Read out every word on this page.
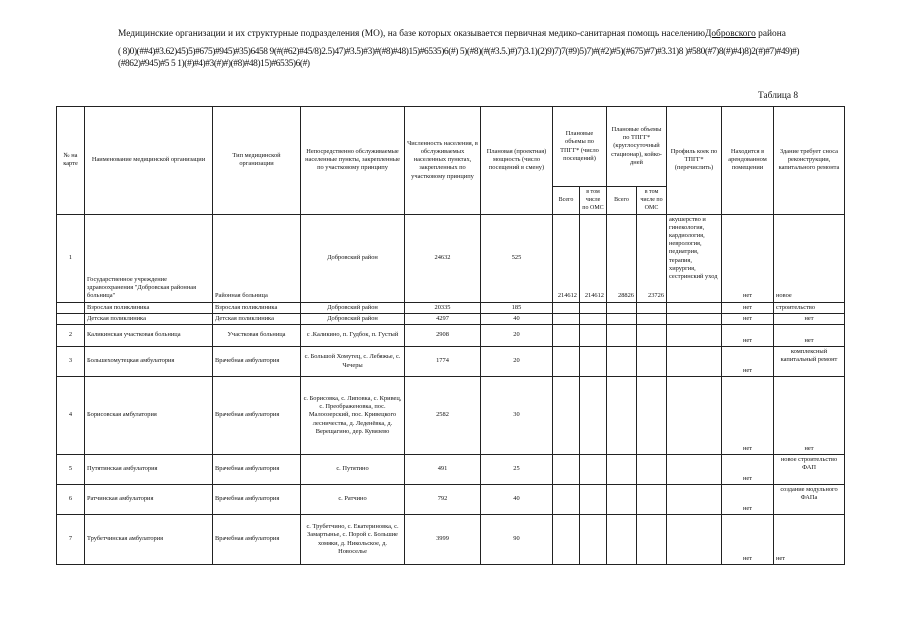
Медицинские организации и их структурные подразделения (МО), на базе которых оказывается первичная медико-санитарная помощь населениюДобровского района
( 8)0)(##4)#3.62)45)5)#675)#945)#35)6458 9(#(#62)#45/8)2.5)47)#3.5)#3)#(#8)#48)15)#6535)6(#) 5)(#8)(#(#3.5.)#)7)3.1)(2)9)7)7(#9)5)7)#(#2)#5)(#675)#7)#3.31)8 )#580(#7)8(#)#4)8)2(#)#7)#49)#)(#862)#945)#5 5 1)(#)#4)#3(#)#)(#8)#48)15)#6535)6(#)
Таблица 8
№ на карте	Наименование медицинской организации	Тип медицинской организации	Непосредственно обслуживаемые населенные пункты, закрепленные по участковому принципу	Численность населения, в обслуживаемых населенных пунктах, закрепленных по участковому принципу	Плановая (проектная) мощность (число посещений в смену)	Плановые объемы по ТПГГ* (число посещений)		Плановые объемы по ТПГГ* (круглосуточный стационар), койко-дней		Профиль коек по ТПГГ* (перечислить)	Находится в арендованном помещении	Здание требует сноса реконструкции, капитального ремонта
						Всего	в том числе по ОМС	Всего	в том числе по ОМС			
1	Государственное учреждение здравоохранения "Добровская районная больница"	Районная больница	Добровский район	24632	525	214612	214612	28826	23726	акушерство и гинекология, кардиология, неврология, педиатрия, терапия, хирургия, сестринский уход	нет	новое
	Взрослая поликлиника	Взрослая поликлиника	Добровский район	20335	185						нет	строительство
	Детская поликлиника	Детская поликлиника	Добровский район	4297	40						нет	нет
2	Каликинская участковая больница	Участковая больница	с .Каликино, п. Гудбок, п. Густый	2908	20						нет	нет
3	Большехомутецкая амбулатория	Врачебная амбулатория	с. Большой Хомутец, с. Лебяжье, с. Чечеры	1774	20						нет	комплексный капитальный ремонт
4	Борисовская амбулатория	Врачебная амбулатория	с. Борисовка, с. Липовка, с. Кривец, с. Преображеновка, пос. Малоозерский, пос. Кривецкого лесничества, д. Леденёвка, д. Верещагино, дер. Кувязево	2582	30						нет	нет
5	Путятинская амбулатория	Врачебная амбулатория	с. Путятино	491	25						нет	новое строительство ФАП
6	Ратчинская амбулатория	Врачебная амбулатория	с. Ратчино	792	40						нет	создание модульного ФАПа
7	Трубетчинская амбулатория	Врачебная амбулатория	с. Трубетчино, с. Екатериновка, с. Замартынье, с. Порой с. Большие хомяки, д. Никольское, д. Новоселье	3999	90						нет	нет
